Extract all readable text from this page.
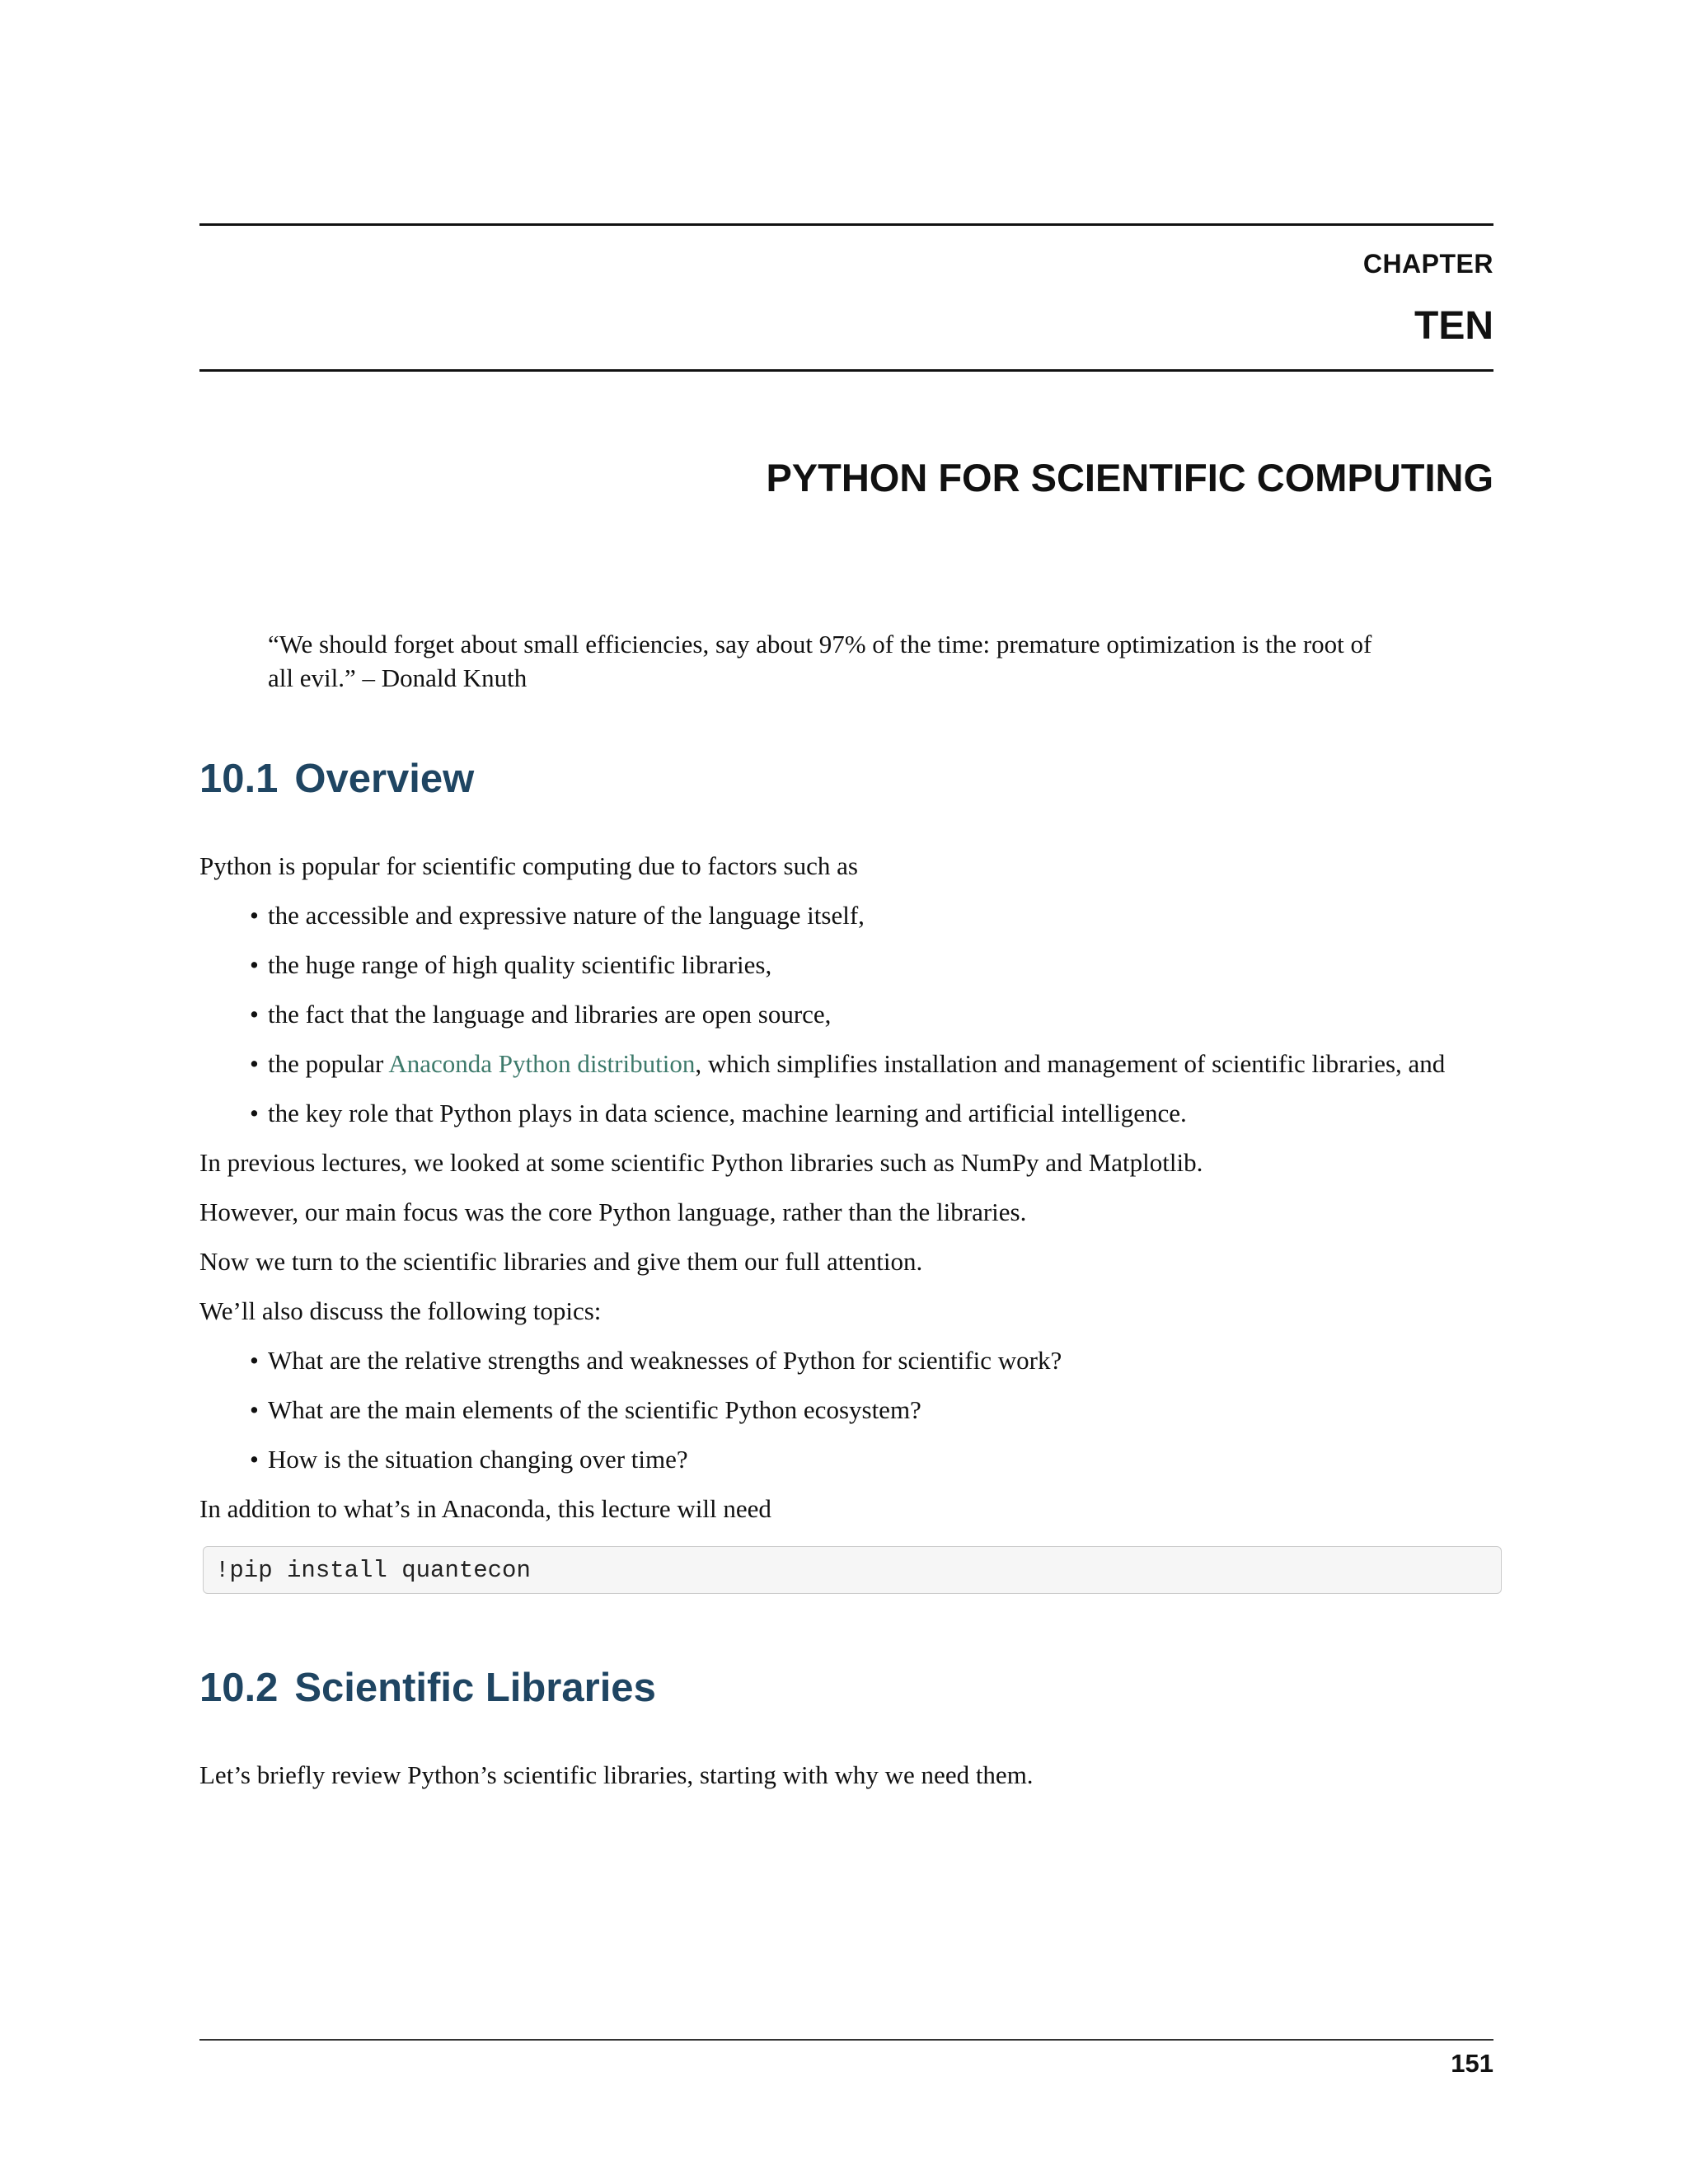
CHAPTER
TEN
PYTHON FOR SCIENTIFIC COMPUTING
“We should forget about small efficiencies, say about 97% of the time: premature optimization is the root of
all evil.” – Donald Knuth
10.1 Overview
Python is popular for scientific computing due to factors such as
• the accessible and expressive nature of the language itself,
• the huge range of high quality scientific libraries,
• the fact that the language and libraries are open source,
• the popular Anaconda Python distribution, which simplifies installation and management of scientific libraries, and
• the key role that Python plays in data science, machine learning and artificial intelligence.
In previous lectures, we looked at some scientific Python libraries such as NumPy and Matplotlib.
However, our main focus was the core Python language, rather than the libraries.
Now we turn to the scientific libraries and give them our full attention.
We’ll also discuss the following topics:
• What are the relative strengths and weaknesses of Python for scientific work?
• What are the main elements of the scientific Python ecosystem?
• How is the situation changing over time?
In addition to what’s in Anaconda, this lecture will need
!pip install quantecon
10.2 Scientific Libraries
Let’s briefly review Python’s scientific libraries, starting with why we need them.
151
